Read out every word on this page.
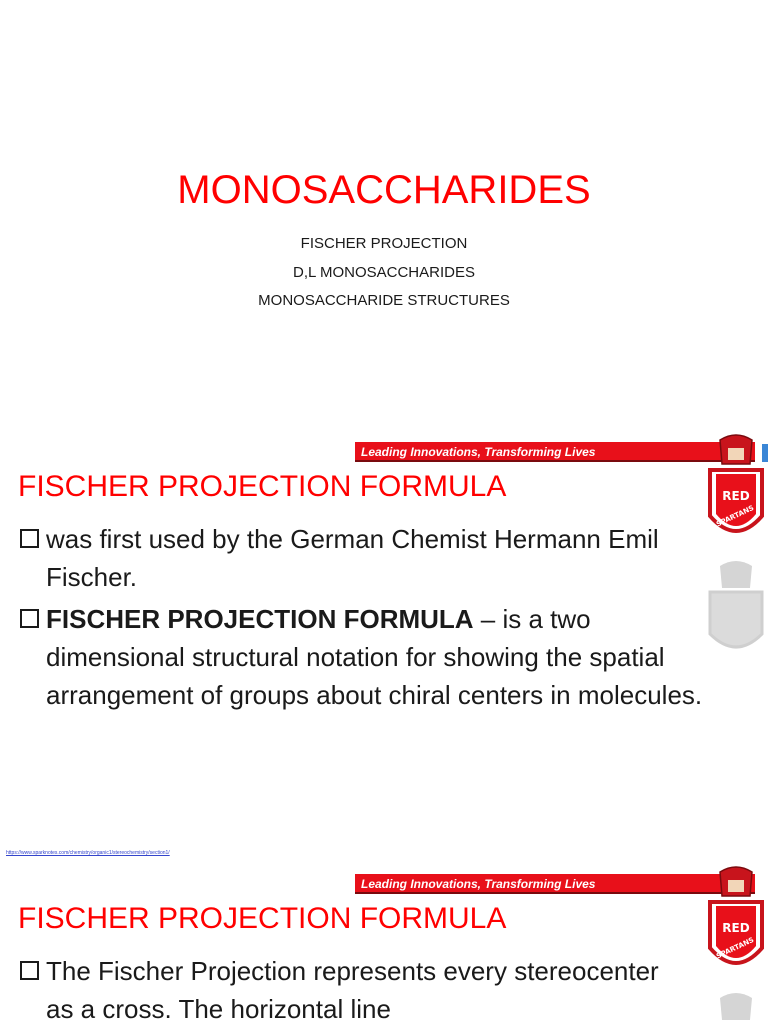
MONOSACCHARIDES
FISCHER PROJECTION
D,L MONOSACCHARIDES
MONOSACCHARIDE STRUCTURES
Leading Innovations, Transforming Lives
RED
SPARTANS
FISCHER PROJECTION FORMULA
was first used by the German Chemist Hermann Emil Fischer.
FISCHER PROJECTION FORMULA – is a two dimensional structural notation for showing the spatial arrangement of groups about chiral centers in molecules.
https://www.sparknotes.com/chemistry/organic1/stereochemistry/section1/
Leading Innovations, Transforming Lives
RED
SPARTANS
FISCHER PROJECTION FORMULA
The Fischer Projection represents every stereocenter as a cross. The horizontal line
